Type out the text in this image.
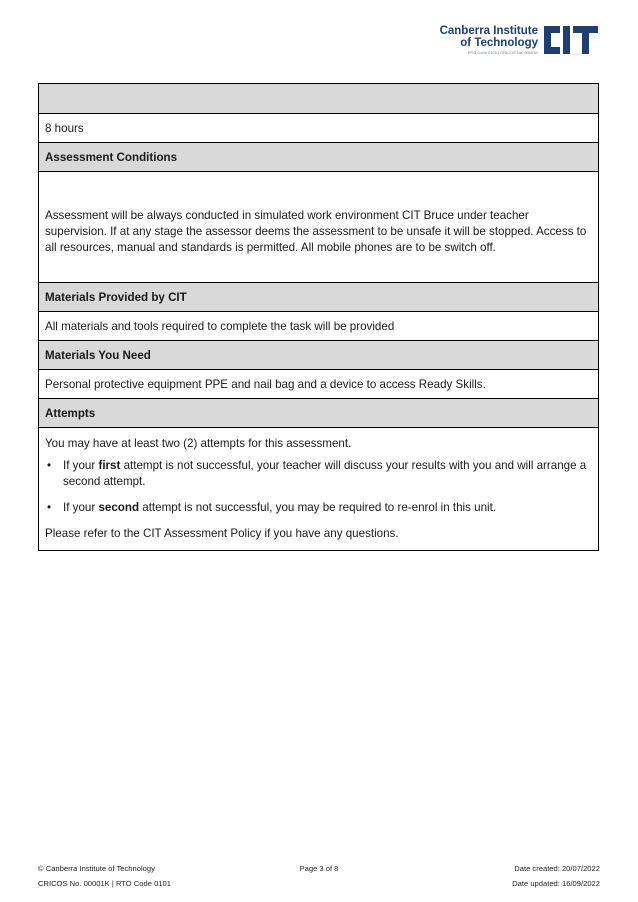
Canberra Institute
of Technology
RTO Code 0101 | CRICOS No. 00001K
8 hours
Assessment Conditions
Assessment will be always conducted in simulated work environment CIT Bruce under teacher supervision. If at any stage the assessor deems the assessment to be unsafe it will be stopped. Access to all resources, manual and standards is permitted. All mobile phones are to be switch off.
Materials Provided by CIT
All materials and tools required to complete the task will be provided
Materials You Need
Personal protective equipment PPE and nail bag and a device to access Ready Skills.
Attempts

You may have at least two (2) attempts for this assessment.

• If your first attempt is not successful, your teacher will discuss your results with you and will arrange a second attempt.
• If your second attempt is not successful, you may be required to re-enrol in this unit.

Please refer to the CIT Assessment Policy if you have any questions.

© Canberra Institute of Technology	Page 3 of 8	Date created: 20/07/2022
CRICOS No. 00001K | RTO Code 0101	Date updated: 16/09/2022
